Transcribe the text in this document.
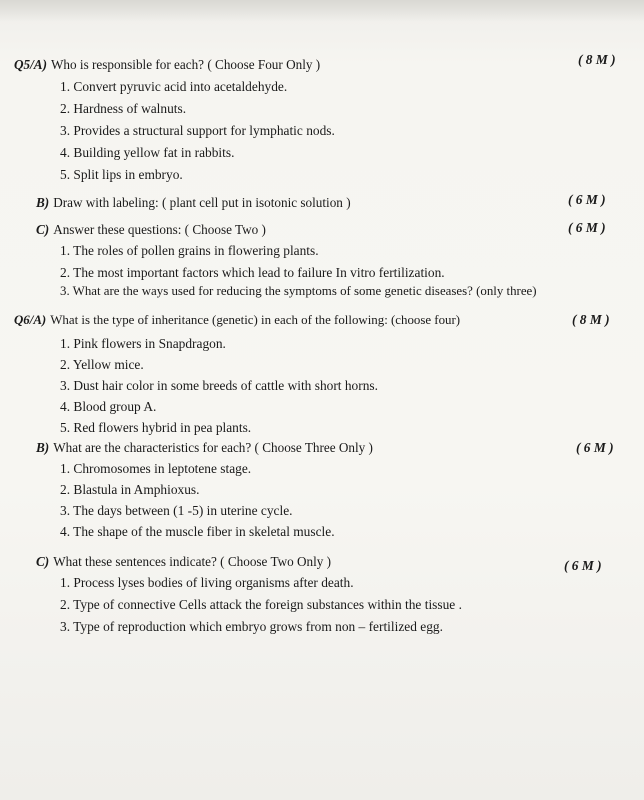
Q5/A) Who is responsible for each? ( Choose Four Only )	( 8 M )
1. Convert pyruvic acid into acetaldehyde.
2. Hardness of walnuts.
3. Provides a structural support for lymphatic nods.
4. Building yellow fat in rabbits.
5. Split lips in embryo.
B) Draw with labeling: ( plant cell put in isotonic solution )	( 6 M )
C) Answer these questions: ( Choose Two )	( 6 M )
1. The roles of pollen grains in flowering plants.
2. The most important factors which lead to failure In vitro fertilization.
3. What are the ways used for reducing the symptoms of some genetic diseases? (only three)
Q6/A) What is the type of inheritance (genetic) in each of the following: (choose four)	( 8 M )
1. Pink flowers in Snapdragon.
2. Yellow mice.
3. Dust hair color in some breeds of cattle with short horns.
4. Blood group A.
5. Red flowers hybrid in pea plants.
B) What are the characteristics for each? ( Choose Three Only )	( 6 M )
1. Chromosomes in leptotene stage.
2. Blastula in Amphioxus.
3. The days between (1 -5) in uterine cycle.
4. The shape of the muscle fiber in skeletal muscle.
C) What these sentences indicate? ( Choose Two Only )	( 6 M )
1. Process lyses bodies of living organisms after death.
2. Type of connective Cells attack the foreign substances within the tissue .
3. Type of reproduction which embryo grows from non – fertilized egg.
